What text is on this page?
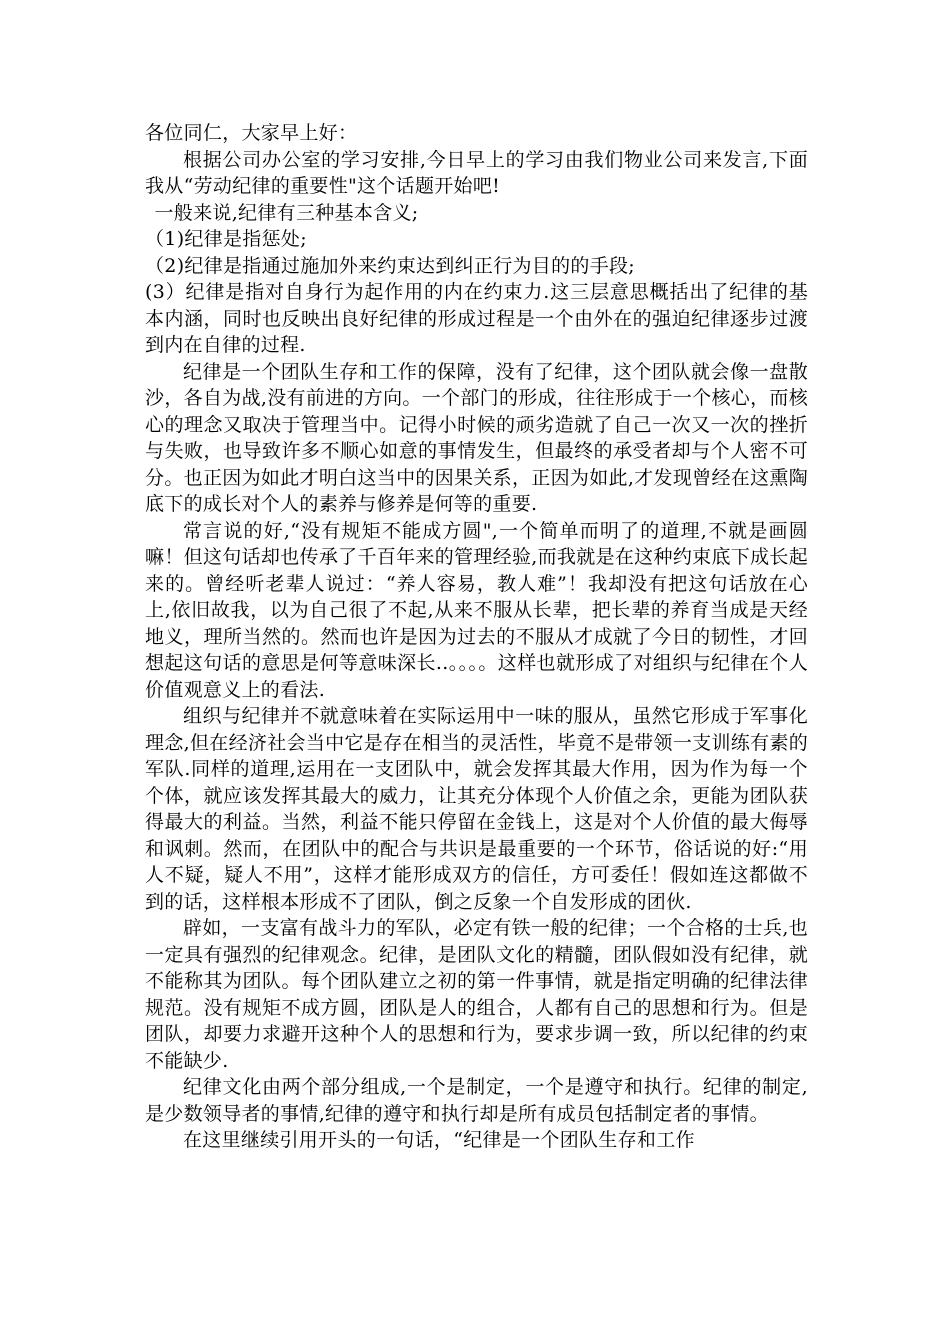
各位同仁，大家早上好：

根据公司办公室的学习安排,今日早上的学习由我们物业公司来发言,下面我从“劳动纪律的重要性"这个话题开始吧!

一般来说,纪律有三种基本含义;

（1)纪律是指惩处;

（2)纪律是指通过施加外来约束达到纠正行为目的的手段;

(3）纪律是指对自身行为起作用的内在约束力.这三层意思概括出了纪律的基本内涵，同时也反映出良好纪律的形成过程是一个由外在的强迫纪律逐步过渡到内在自律的过程.

纪律是一个团队生存和工作的保障，没有了纪律，这个团队就会像一盘散沙，各自为战,没有前进的方向。一个部门的形成，往往形成于一个核心，而核心的理念又取决于管理当中。记得小时候的顽劣造就了自己一次又一次的挫折与失败，也导致许多不顺心如意的事情发生，但最终的承受者却与个人密不可分。也正因为如此才明白这当中的因果关系，正因为如此,才发现曾经在这熏陶底下的成长对个人的素养与修养是何等的重要.

常言说的好,“没有规矩不能成方圆",一个简单而明了的道理,不就是画圆嘛！但这句话却也传承了千百年来的管理经验,而我就是在这种约束底下成长起来的。曾经听老辈人说过：“养人容易，教人难”！我却没有把这句话放在心上,依旧故我，以为自己很了不起,从来不服从长辈，把长辈的养育当成是天经地义，理所当然的。然而也许是因为过去的不服从才成就了今日的韧性，才回想起这句话的意思是何等意味深长..。。。。这样也就形成了对组织与纪律在个人价值观意义上的看法.

组织与纪律并不就意味着在实际运用中一味的服从，虽然它形成于军事化理念,但在经济社会当中它是存在相当的灵活性，毕竟不是带领一支训练有素的军队.同样的道理,运用在一支团队中，就会发挥其最大作用，因为作为每一个个体，就应该发挥其最大的威力，让其充分体现个人价值之余，更能为团队获得最大的利益。当然，利益不能只停留在金钱上，这是对个人价值的最大侮辱和讽刺。然而，在团队中的配合与共识是最重要的一个环节，俗话说的好:“用人不疑，疑人不用”，这样才能形成双方的信任，方可委任！假如连这都做不到的话，这样根本形成不了团队，倒之反象一个自发形成的团伙.

辟如，一支富有战斗力的军队，必定有铁一般的纪律；一个合格的士兵,也一定具有强烈的纪律观念。纪律，是团队文化的精髓，团队假如没有纪律，就不能称其为团队。每个团队建立之初的第一件事情，就是指定明确的纪律法律规范。没有规矩不成方圆，团队是人的组合，人都有自己的思想和行为。但是团队，却要力求避开这种个人的思想和行为，要求步调一致，所以纪律的约束不能缺少.

纪律文化由两个部分组成,一个是制定，一个是遵守和执行。纪律的制定,是少数领导者的事情,纪律的遵守和执行却是所有成员包括制定者的事情。

在这里继续引用开头的一句话，“纪律是一个团队生存和工作
